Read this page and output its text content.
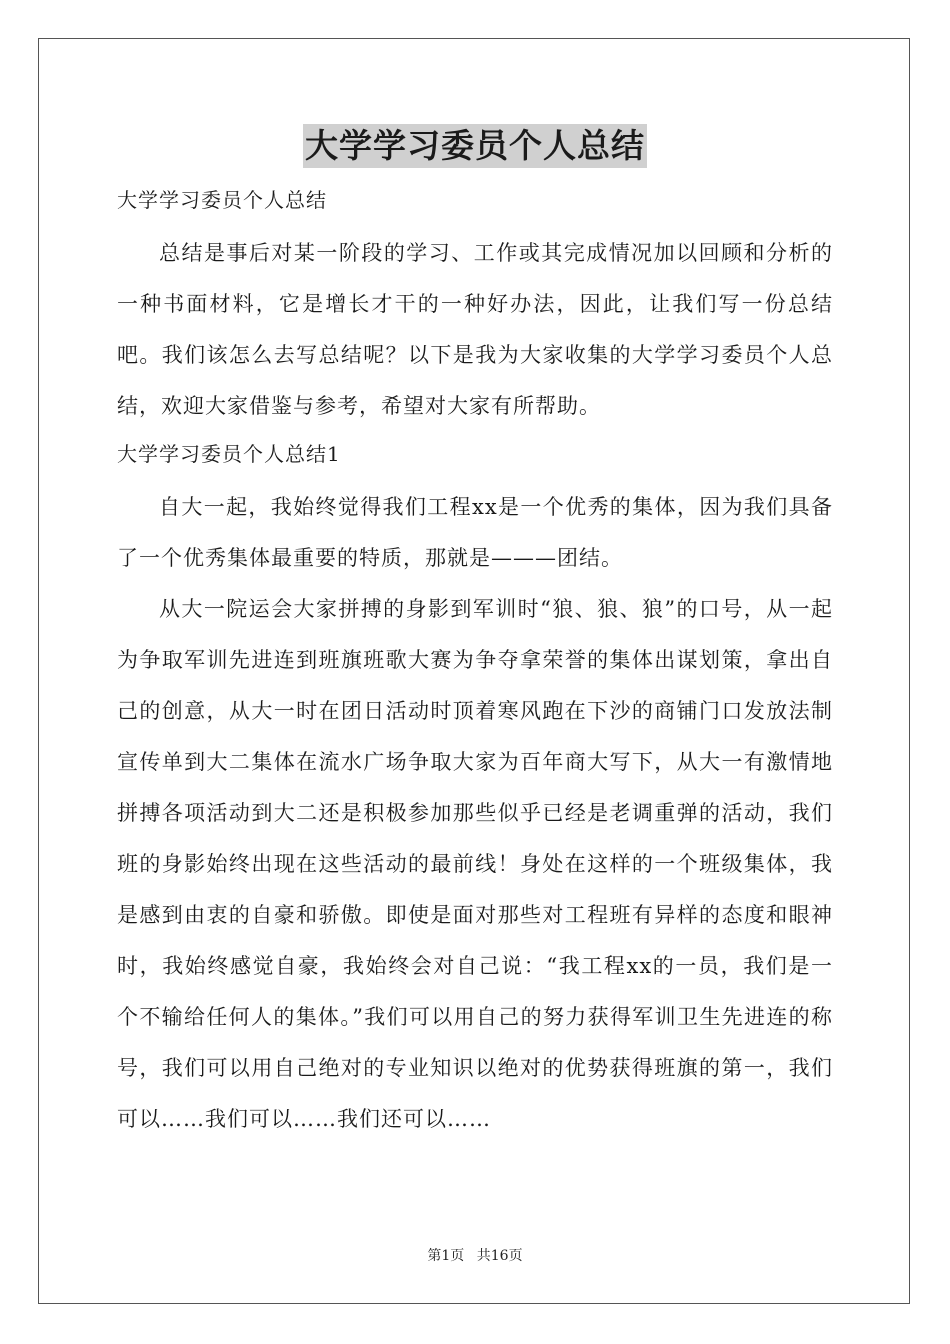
大学学习委员个人总结

大学学习委员个人总结

总结是事后对某一阶段的学习、工作或其完成情况加以回顾和分析的一种书面材料，它是增长才干的一种好办法，因此，让我们写一份总结吧。我们该怎么去写总结呢？以下是我为大家收集的大学学习委员个人总结，欢迎大家借鉴与参考，希望对大家有所帮助。

大学学习委员个人总结1

自大一起，我始终觉得我们工程xx是一个优秀的集体，因为我们具备了一个优秀集体最重要的特质，那就是———团结。

从大一院运会大家拼搏的身影到军训时“狼、狼、狼”的口号，从一起为争取军训先进连到班旗班歌大赛为争夺拿荣誉的集体出谋划策，拿出自己的创意，从大一时在团日活动时顶着寒风跑在下沙的商铺门口发放法制宣传单到大二集体在流水广场争取大家为百年商大写下，从大一有激情地拼搏各项活动到大二还是积极参加那些似乎已经是老调重弹的活动，我们班的身影始终出现在这些活动的最前线！身处在这样的一个班级集体，我是感到由衷的自豪和骄傲。即使是面对那些对工程班有异样的态度和眼神时，我始终感觉自豪，我始终会对自己说：“我工程xx的一员，我们是一个不输给任何人的集体。”我们可以用自己的努力获得军训卫生先进连的称号，我们可以用自己绝对的专业知识以绝对的优势获得班旗的第一，我们可以……我们可以……我们还可以……

第1页 共16页
